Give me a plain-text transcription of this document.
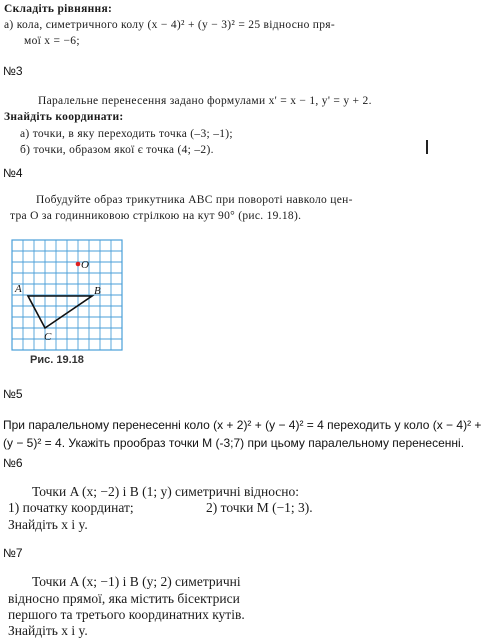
Складіть рівняння:
а) кола, симетричного колу (x − 4)² + (y − 3)² = 25 відносно пря-
мої x = −6;
№3
Паралельне перенесення задано формулами x' = x − 1, y' = y + 2.
Знайдіть координати:
а) точки, в яку переходить точка (–3; –1);
б) точки, образом якої є точка (4; –2).
№4
Побудуйте образ трикутника ABC при повороті навколо цен-
тра O за годинниковою стрілкою на кут 90° (рис. 19.18).
O
A	B
C
Рис. 19.18
№5
При паралельному перенесенні коло (x + 2)² + (y − 4)² = 4 переходить у коло (x − 4)² +
(y − 5)² = 4. Укажіть прообраз точки М (-3;7) при цьому паралельному перенесенні.
№6
Точки A (x; −2) і B (1; y) симетричні відносно:
1) початку координат;	2) точки M (−1; 3).
Знайдіть x і y.
№7
Точки A (x; −1) і B (y; 2) симетричні
відносно прямої, яка містить бісектриси
першого та третього координатних кутів.
Знайдіть x і y.
